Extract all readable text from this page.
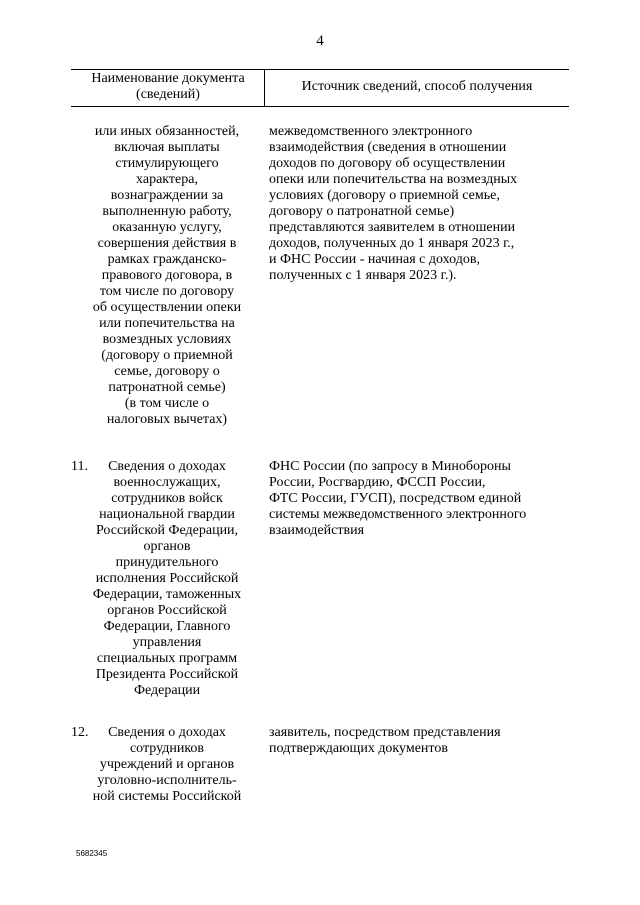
4
Наименование документа
(сведений)
Источник сведений, способ получения
или иных обязанностей,
включая выплаты
стимулирующего
характера,
вознаграждении за
выполненную работу,
оказанную услугу,
совершения действия в
рамках гражданско-
правового договора, в
том числе по договору
об осуществлении опеки
или попечительства на
возмездных условиях
(договору о приемной
семье, договору о
патронатной семье)
(в том числе о
налоговых вычетах)
межведомственного электронного
взаимодействия (сведения в отношении
доходов по договору об осуществлении
опеки или попечительства на возмездных
условиях (договору о приемной семье,
договору о патронатной семье)
представляются заявителем в отношении
доходов, полученных до 1 января 2023 г.,
и ФНС России - начиная с доходов,
полученных с 1 января 2023 г.).
11.	Сведения о доходах
военнослужащих,
сотрудников войск
национальной гвардии
Российской Федерации,
органов
принудительного
исполнения Российской
Федерации, таможенных
органов Российской
Федерации, Главного
управления
специальных программ
Президента Российской
Федерации
ФНС России (по запросу в Минобороны
России, Росгвардию, ФССП России,
ФТС России, ГУСП), посредством единой
системы межведомственного электронного
взаимодействия
12.	Сведения о доходах
сотрудников
учреждений и органов
уголовно-исполнитель-
ной системы Российской
заявитель, посредством представления
подтверждающих документов
5682345
